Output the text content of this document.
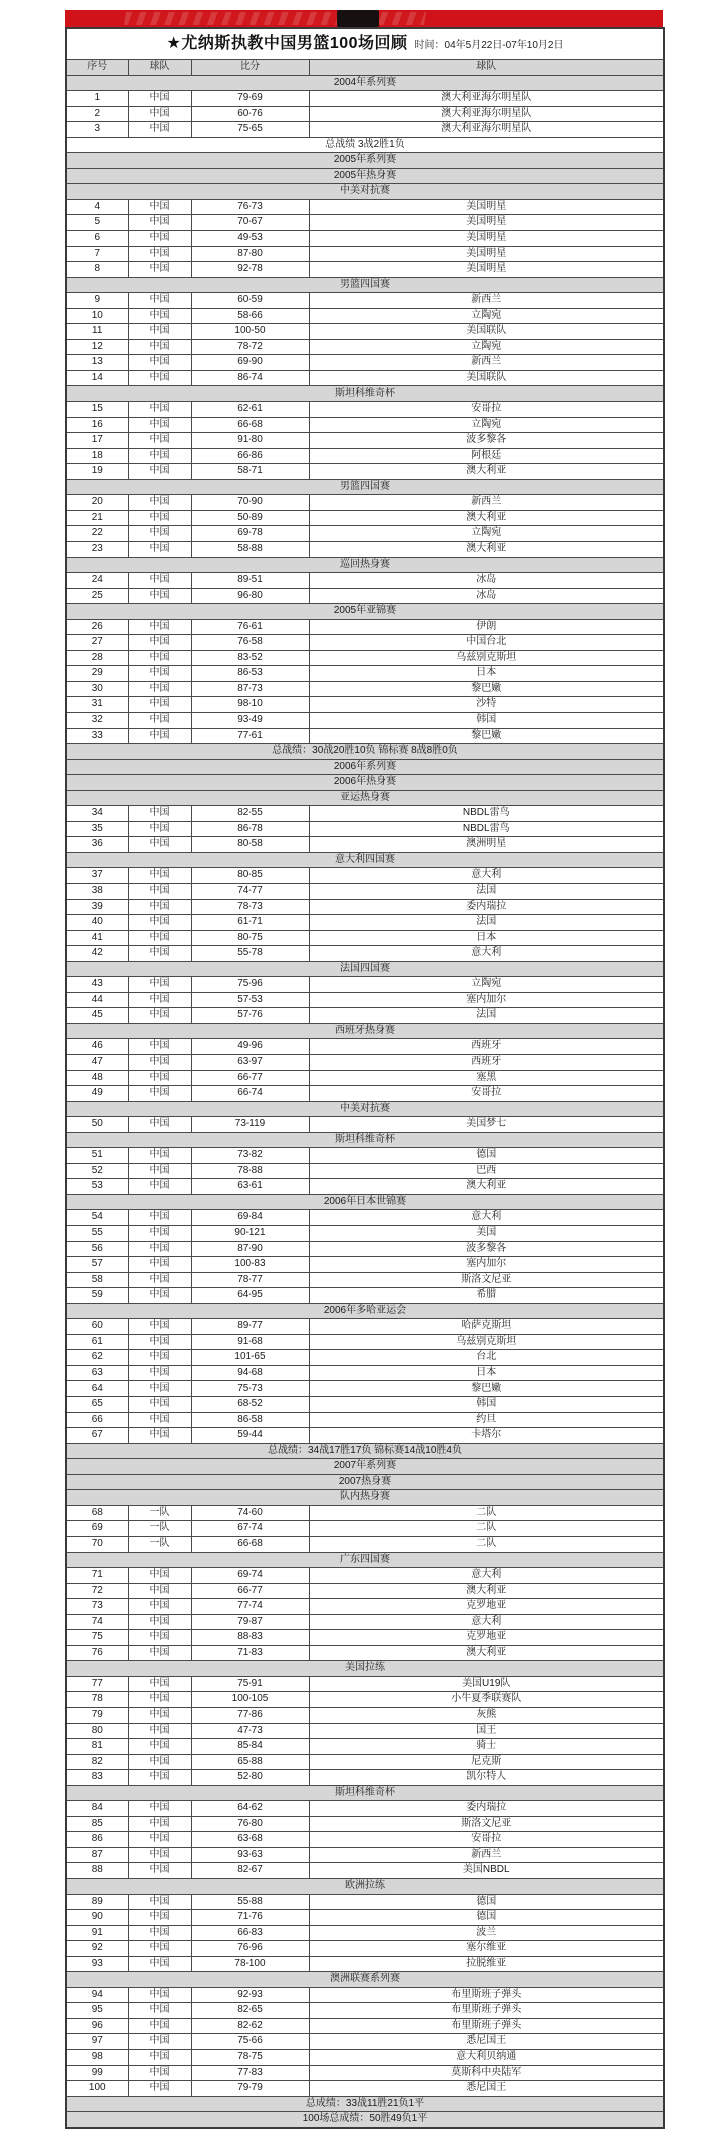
★尤纳斯执教中国男篮100场回顾 时间：04年5月22日-07年10月2日			
序号	球队	比分	球队
2004年系列赛			
1	中国	79-69	澳大利亚海尔明星队
2	中国	60-76	澳大利亚海尔明星队
3	中国	75-65	澳大利亚海尔明星队
总战绩 3战2胜1负			
2005年系列赛			
2005年热身赛			
中美对抗赛			
4	中国	76-73	美国明星
5	中国	70-67	美国明星
6	中国	49-53	美国明星
7	中国	87-80	美国明星
8	中国	92-78	美国明星
男篮四国赛			
9	中国	60-59	新西兰
10	中国	58-66	立陶宛
11	中国	100-50	美国联队
12	中国	78-72	立陶宛
13	中国	69-90	新西兰
14	中国	86-74	美国联队
斯坦科维奇杯			
15	中国	62-61	安哥拉
16	中国	66-68	立陶宛
17	中国	91-80	波多黎各
18	中国	66-86	阿根廷
19	中国	58-71	澳大利亚
男篮四国赛			
20	中国	70-90	新西兰
21	中国	50-89	澳大利亚
22	中国	69-78	立陶宛
23	中国	58-88	澳大利亚
巡回热身赛			
24	中国	89-51	冰岛
25	中国	96-80	冰岛
2005年亚锦赛			
26	中国	76-61	伊朗
27	中国	76-58	中国台北
28	中国	83-52	乌兹别克斯坦
29	中国	86-53	日本
30	中国	87-73	黎巴嫩
31	中国	98-10	沙特
32	中国	93-49	韩国
33	中国	77-61	黎巴嫩
总战绩：30战20胜10负 锦标赛 8战8胜0负			
2006年系列赛			
2006年热身赛			
亚运热身赛			
34	中国	82-55	NBDL雷鸟
35	中国	86-78	NBDL雷鸟
36	中国	80-58	澳洲明星
意大利四国赛			
37	中国	80-85	意大利
38	中国	74-77	法国
39	中国	78-73	委内瑞拉
40	中国	61-71	法国
41	中国	80-75	日本
42	中国	55-78	意大利
法国四国赛			
43	中国	75-96	立陶宛
44	中国	57-53	塞内加尔
45	中国	57-76	法国
西班牙热身赛			
46	中国	49-96	西班牙
47	中国	63-97	西班牙
48	中国	66-77	塞黑
49	中国	66-74	安哥拉
中美对抗赛			
50	中国	73-119	美国梦七
斯坦科维奇杯			
51	中国	73-82	德国
52	中国	78-88	巴西
53	中国	63-61	澳大利亚
2006年日本世锦赛			
54	中国	69-84	意大利
55	中国	90-121	美国
56	中国	87-90	波多黎各
57	中国	100-83	塞内加尔
58	中国	78-77	斯洛文尼亚
59	中国	64-95	希腊
2006年多哈亚运会			
60	中国	89-77	哈萨克斯坦
61	中国	91-68	乌兹别克斯坦
62	中国	101-65	台北
63	中国	94-68	日本
64	中国	75-73	黎巴嫩
65	中国	68-52	韩国
66	中国	86-58	约旦
67	中国	59-44	卡塔尔
总战绩：34战17胜17负 锦标赛14战10胜4负			
2007年系列赛			
2007热身赛			
队内热身赛			
68	一队	74-60	二队
69	一队	67-74	二队
70	一队	66-68	二队
广东四国赛			
71	中国	69-74	意大利
72	中国	66-77	澳大利亚
73	中国	77-74	克罗地亚
74	中国	79-87	意大利
75	中国	88-83	克罗地亚
76	中国	71-83	澳大利亚
美国拉练			
77	中国	75-91	美国U19队
78	中国	100-105	小牛夏季联赛队
79	中国	77-86	灰熊
80	中国	47-73	国王
81	中国	85-84	骑士
82	中国	65-88	尼克斯
83	中国	52-80	凯尔特人
斯坦科维奇杯			
84	中国	64-62	委内瑞拉
85	中国	76-80	斯洛文尼亚
86	中国	63-68	安哥拉
87	中国	93-63	新西兰
88	中国	82-67	美国NBDL
欧洲拉练			
89	中国	55-88	德国
90	中国	71-76	德国
91	中国	66-83	波兰
92	中国	76-96	塞尔维亚
93	中国	78-100	拉脱维亚
澳洲联赛系列赛			
94	中国	92-93	布里斯班子弹头
95	中国	82-65	布里斯班子弹头
96	中国	82-62	布里斯班子弹头
97	中国	75-66	悉尼国王
98	中国	78-75	意大利贝纳通
99	中国	77-83	莫斯科中央陆军
100	中国	79-79	悉尼国王
总成绩：33战11胜21负1平			
100场总成绩：50胜49负1平			
